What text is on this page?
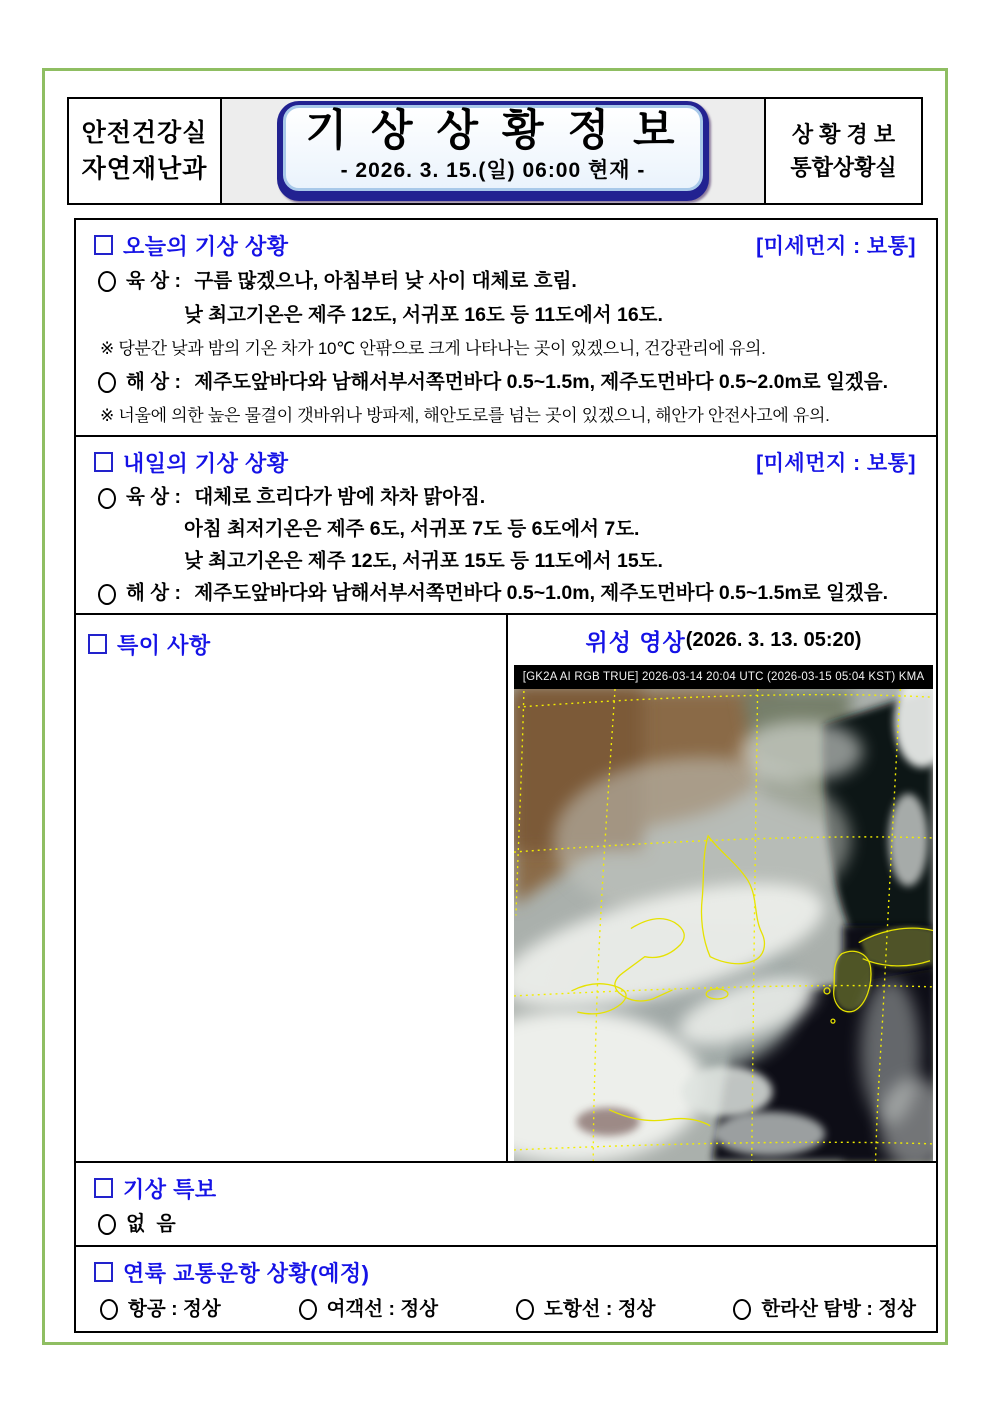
안전건강실
자연재난과
기 상 상 황 정 보
- 2026. 3. 15.(일) 06:00 현재 -
상 황 경 보
통합상황실
오늘의 기상 상황	[미세먼지 : 보통]
육 상 : 구름 많겠으나, 아침부터 낮 사이 대체로 흐림.
낮 최고기온은 제주 12도, 서귀포 16도 등 11도에서 16도.
※ 당분간 낮과 밤의 기온 차가 10℃ 안팎으로 크게 나타나는 곳이 있겠으니, 건강관리에 유의.
해 상 : 제주도앞바다와 남해서부서쪽먼바다 0.5~1.5m, 제주도먼바다 0.5~2.0m로 일겠음.
※ 너울에 의한 높은 물결이 갯바위나 방파제, 해안도로를 넘는 곳이 있겠으니, 해안가 안전사고에 유의.
내일의 기상 상황	[미세먼지 : 보통]
육 상 : 대체로 흐리다가 밤에 차차 맑아짐.
아침 최저기온은 제주 6도, 서귀포 7도 등 6도에서 7도.
낮 최고기온은 제주 12도, 서귀포 15도 등 11도에서 15도.
해 상 : 제주도앞바다와 남해서부서쪽먼바다 0.5~1.0m, 제주도먼바다 0.5~1.5m로 일겠음.
특이 사항	위성 영상 (2026. 3. 13. 05:20)
[GK2A AI RGB TRUE] 2026-03-14 20:04 UTC (2026-03-15 05:04 KST) KMA
기상 특보
없  음
연륙 교통운항 상황(예정)
항공 : 정상	여객선 : 정상	도항선 : 정상	한라산 탐방 : 정상
